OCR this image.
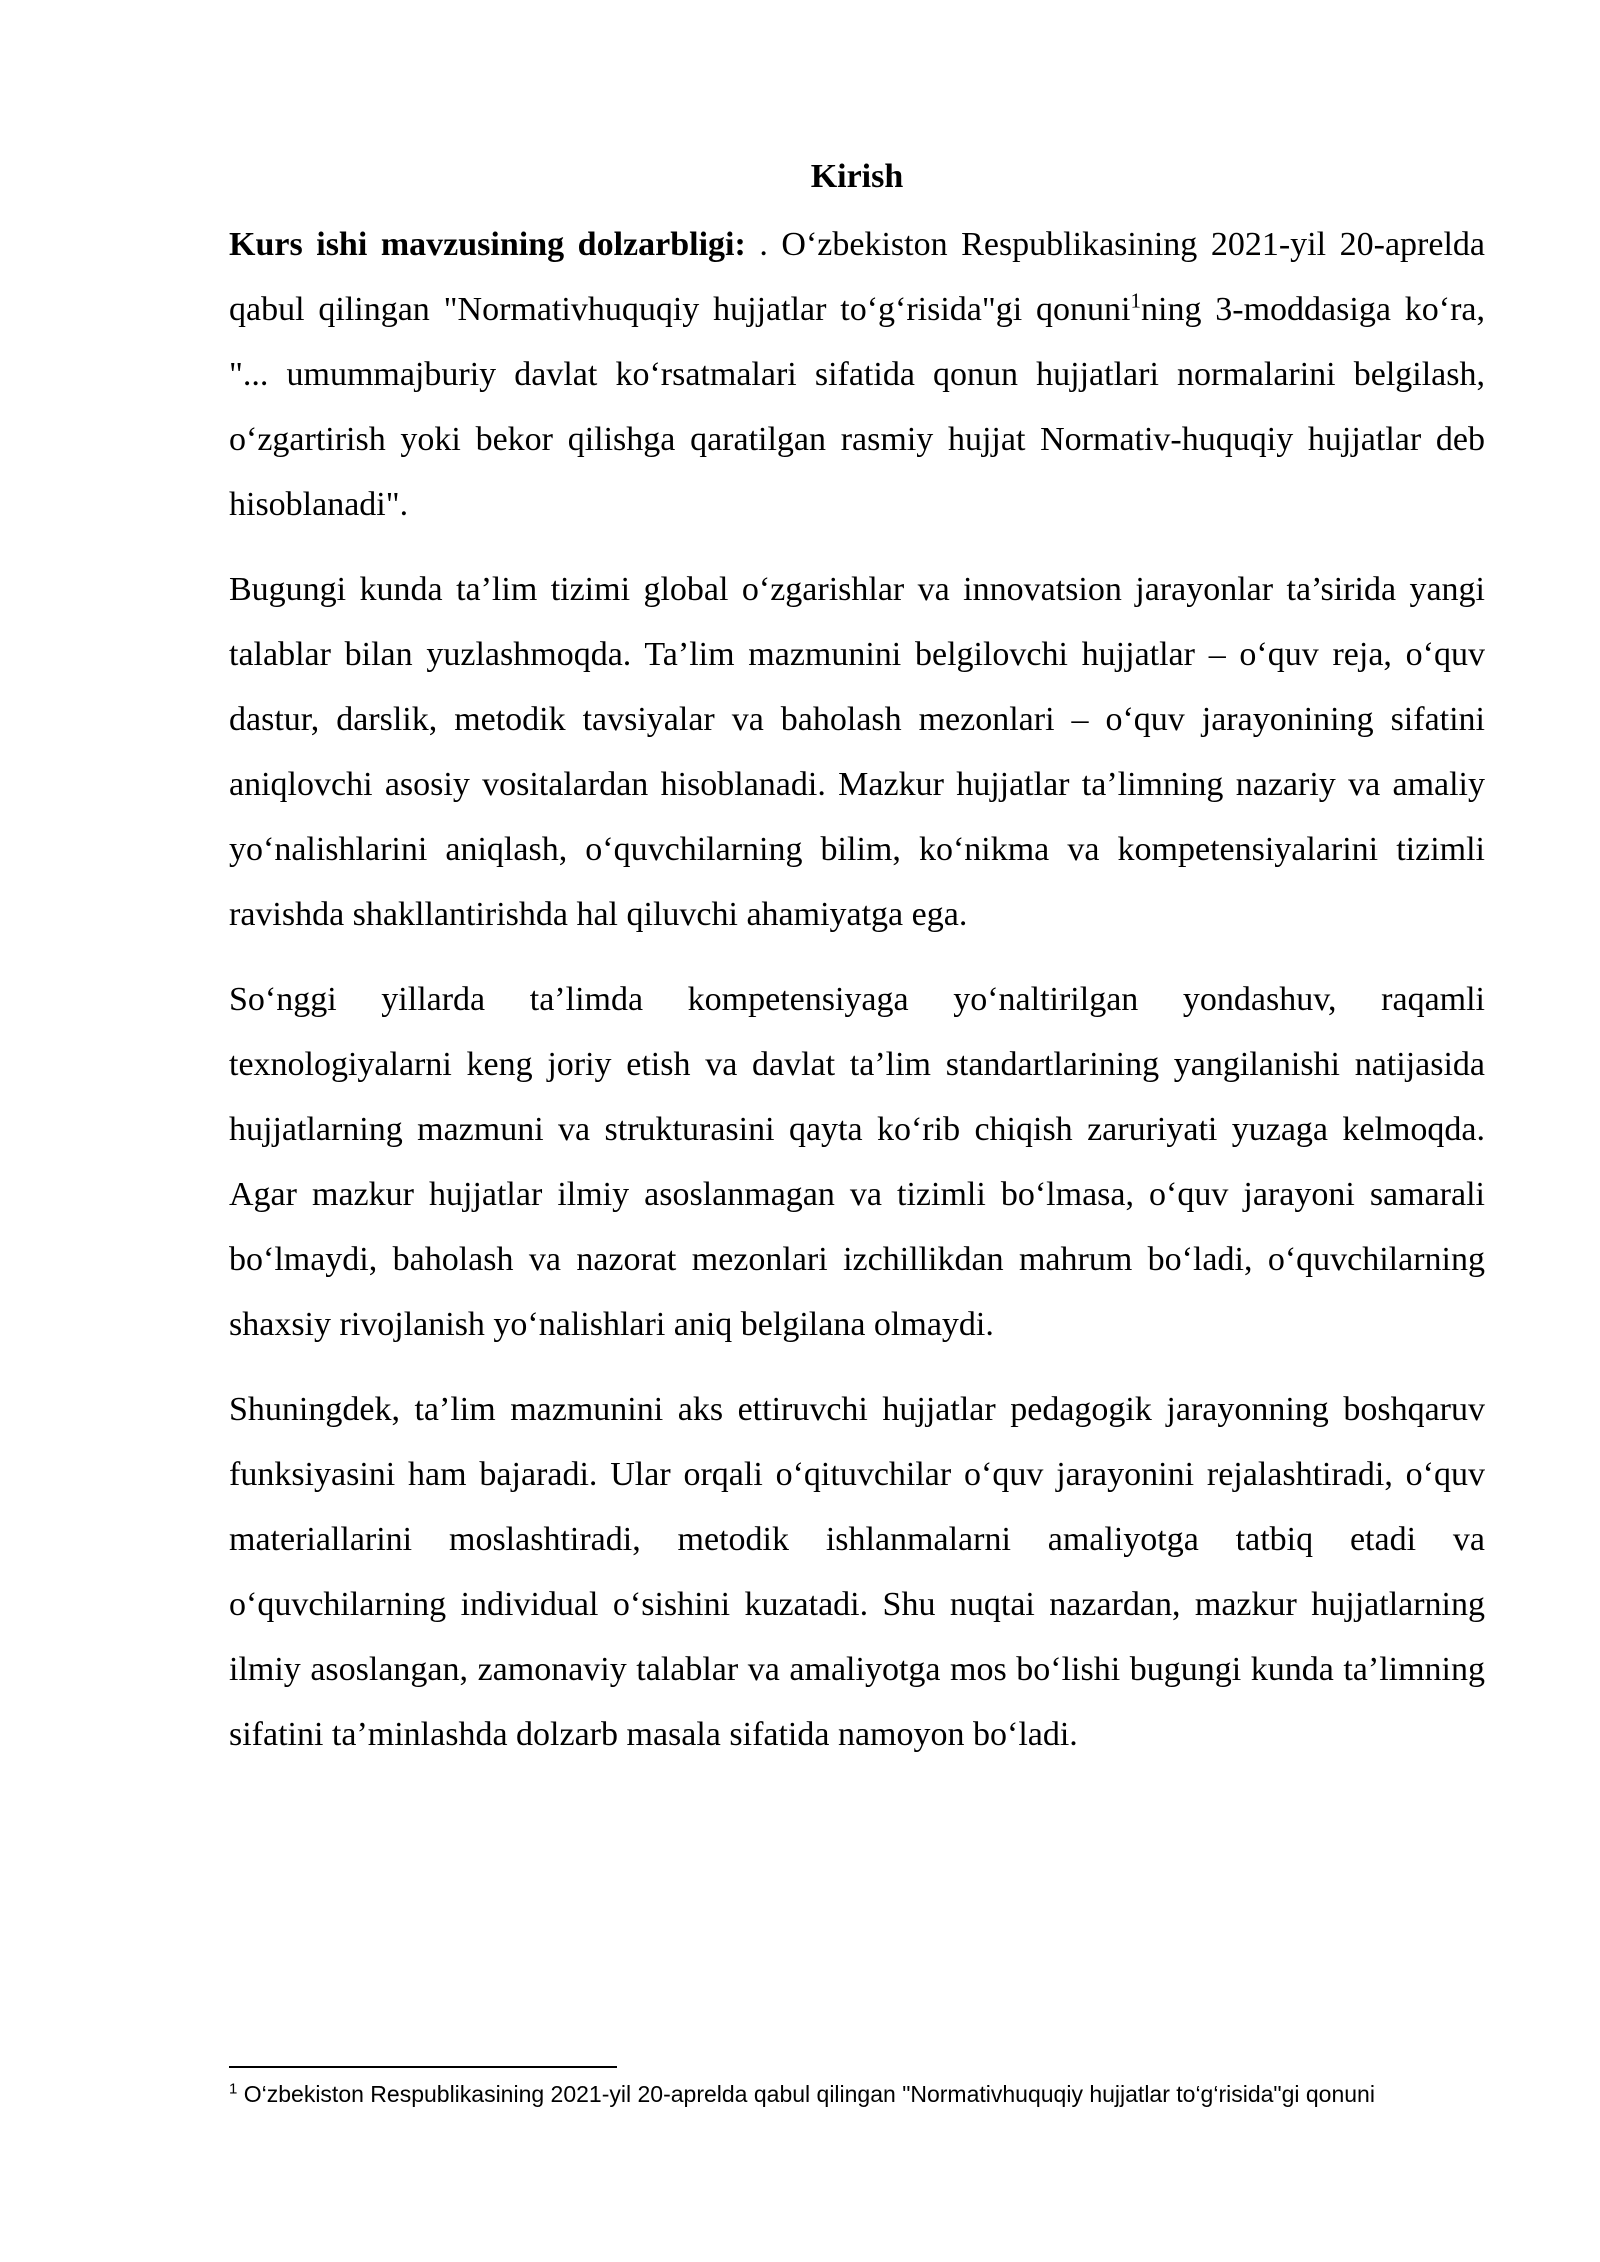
Kirish

Kurs ishi mavzusining dolzarbligi: . O‘zbekiston Respublikasining 2021-yil 20-aprelda qabul qilingan "Normativhuquqiy hujjatlar to‘g‘risida"gi qonuni$^1$ning 3-moddasiga ko‘ra, "... umummajburiy davlat ko‘rsatmalari sifatida qonun hujjatlari normalarini belgilash, o‘zgartirish yoki bekor qilishga qaratilgan rasmiy hujjat Normativ-huquqiy hujjatlar deb hisoblanadi".

Bugungi kunda ta’lim tizimi global o‘zgarishlar va innovatsion jarayonlar ta’sirida yangi talablar bilan yuzlashmoqda. Ta’lim mazmunini belgilovchi hujjatlar – o‘quv reja, o‘quv dastur, darslik, metodik tavsiyalar va baholash mezonlari – o‘quv jarayonining sifatini aniqlovchi asosiy vositalardan hisoblanadi. Mazkur hujjatlar ta’limning nazariy va amaliy yo‘nalishlarini aniqlash, o‘quvchilarning bilim, ko‘nikma va kompetensiyalarini tizimli ravishda shakllantirishda hal qiluvchi ahamiyatga ega.

So‘nggi yillarda ta’limda kompetensiyaga yo‘naltirilgan yondashuv, raqamli texnologiyalarni keng joriy etish va davlat ta’lim standartlarining yangilanishi natijasida hujjatlarning mazmuni va strukturasini qayta ko‘rib chiqish zaruriyati yuzaga kelmoqda. Agar mazkur hujjatlar ilmiy asoslanmagan va tizimli bo‘lmasa, o‘quv jarayoni samarali bo‘lmaydi, baholash va nazorat mezonlari izchillikdan mahrum bo‘ladi, o‘quvchilarning shaxsiy rivojlanish yo‘nalishlari aniq belgilana olmaydi.

Shuningdek, ta’lim mazmunini aks ettiruvchi hujjatlar pedagogik jarayonning boshqaruv funksiyasini ham bajaradi. Ular orqali o‘qituvchilar o‘quv jarayonini rejalashtiradi, o‘quv materiallarini moslashtiradi, metodik ishlanmalarni amaliyotga tatbiq etadi va o‘quvchilarning individual o‘sishini kuzatadi. Shu nuqtai nazardan, mazkur hujjatlarning ilmiy asoslangan, zamonaviy talablar va amaliyotga mos bo‘lishi bugungi kunda ta’limning sifatini ta’minlashda dolzarb masala sifatida namoyon bo‘ladi.

$^1$ O‘zbekiston Respublikasining 2021-yil 20-aprelda qabul qilingan "Normativhuquqiy hujjatlar to‘g‘risida"gi qonuni
